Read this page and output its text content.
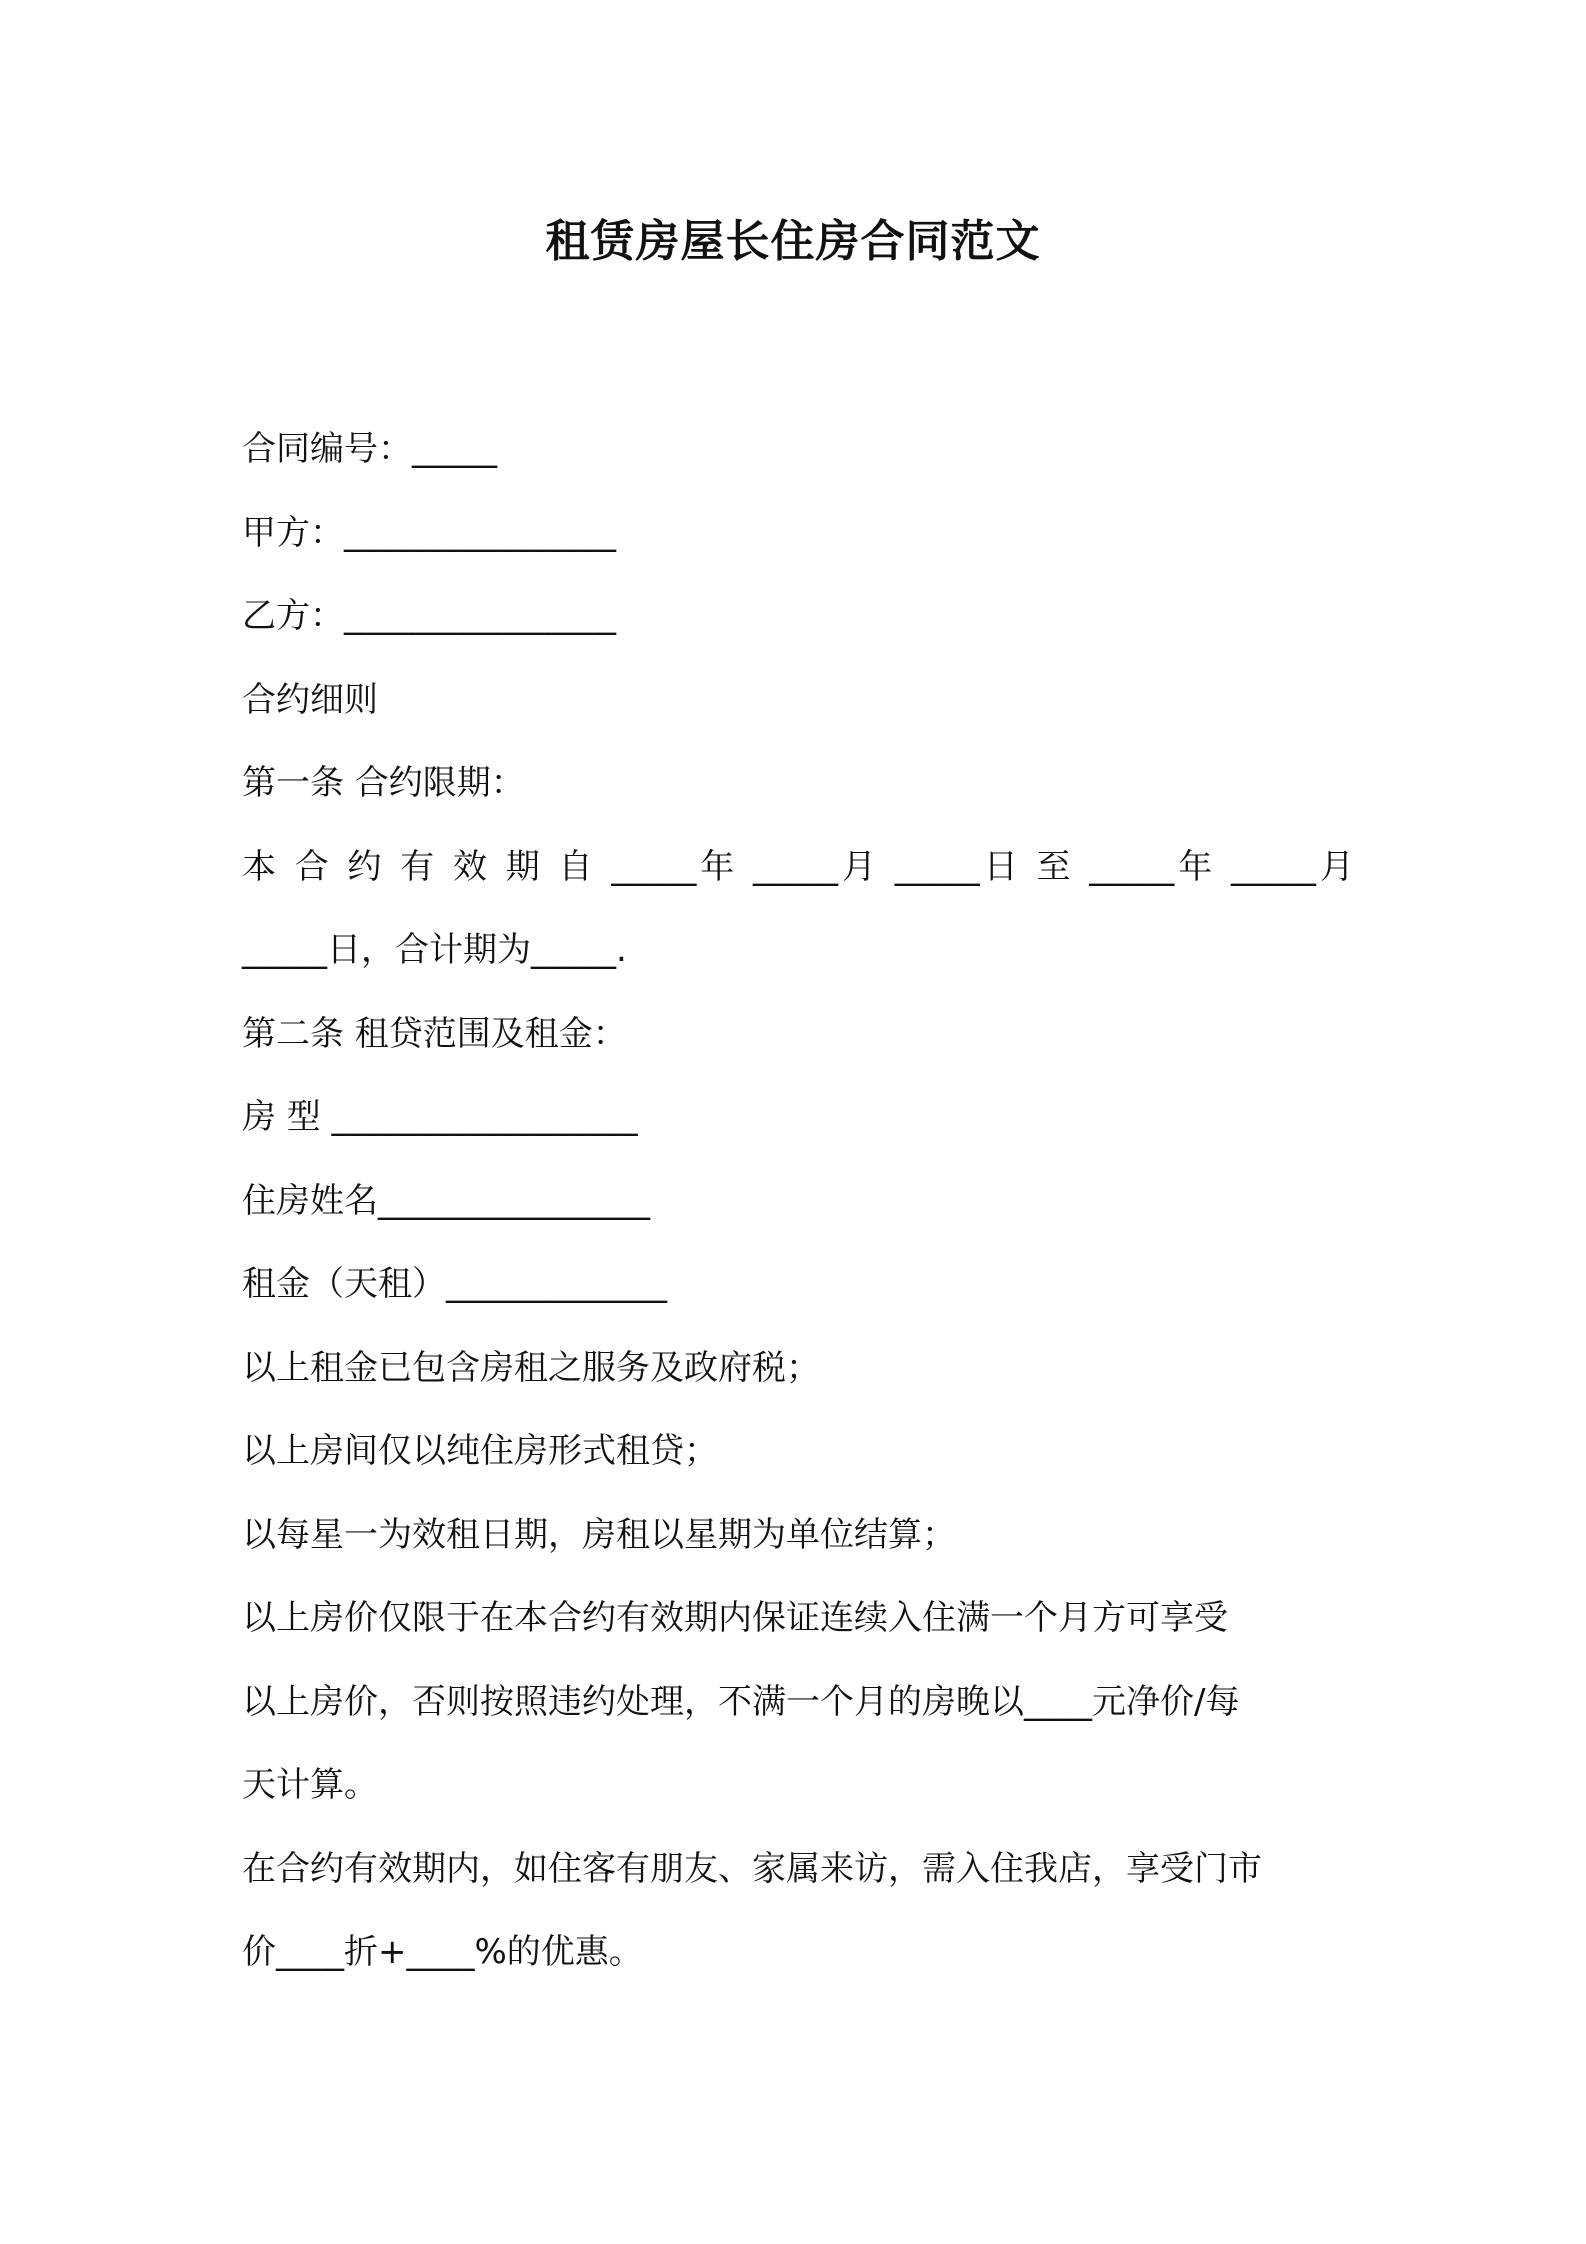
租赁房屋长住房合同范文
合同编号：_____
甲方：________________
乙方：________________
合约细则
第一条 合约限期：
本 合 约 有 效 期 自 _____年 _____月 _____日 至 _____年 _____月
_____日，合计期为_____.
第二条 租贷范围及租金：
房 型 __________________
住房姓名________________
租金（天租）_____________
以上租金已包含房租之服务及政府税；
以上房间仅以纯住房形式租贷；
以每星一为效租日期，房租以星期为单位结算；
以上房价仅限于在本合约有效期内保证连续入住满一个月方可享受
以上房价，否则按照违约处理，不满一个月的房晚以____元净价/每
天计算。
在合约有效期内，如住客有朋友、家属来访，需入住我店，享受门市
价____折+____%的优惠。
